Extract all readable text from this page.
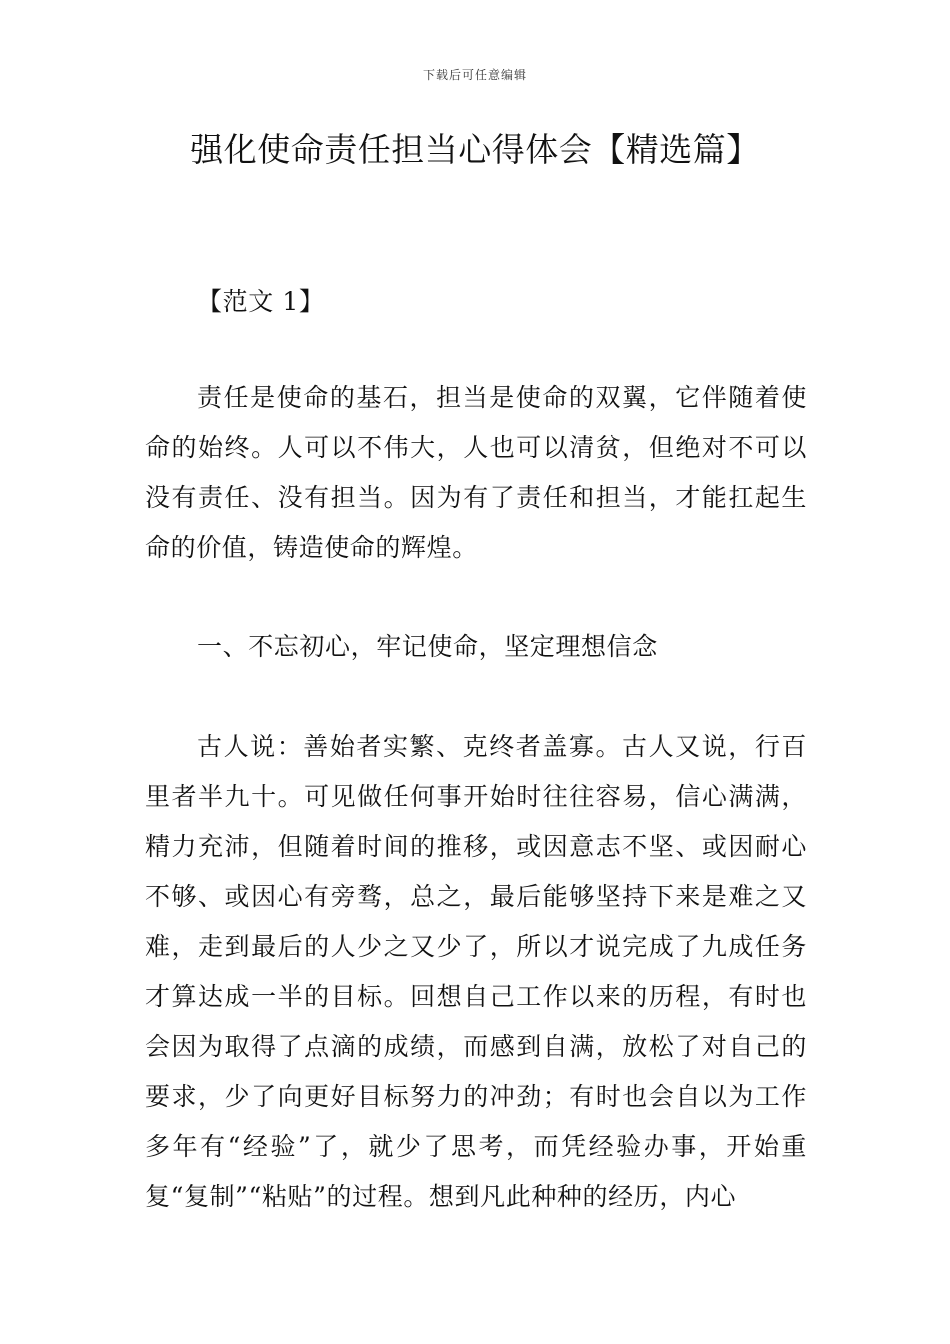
下载后可任意编辑
强化使命责任担当心得体会【精选篇】

【范文 1】

责任是使命的基石，担当是使命的双翼，它伴随着使命的始终。人可以不伟大，人也可以清贫，但绝对不可以没有责任、没有担当。因为有了责任和担当，才能扛起生命的价值，铸造使命的辉煌。

一、不忘初心，牢记使命，坚定理想信念

古人说：善始者实繁、克终者盖寡。古人又说，行百里者半九十。可见做任何事开始时往往容易，信心满满，精力充沛，但随着时间的推移，或因意志不坚、或因耐心不够、或因心有旁骛，总之，最后能够坚持下来是难之又难，走到最后的人少之又少了，所以才说完成了九成任务才算达成一半的目标。回想自己工作以来的历程，有时也会因为取得了点滴的成绩，而感到自满，放松了对自己的要求，少了向更好目标努力的冲劲；有时也会自以为工作多年有“经验”了，就少了思考，而凭经验办事，开始重复“复制”“粘贴”的过程。想到凡此种种的经历，内心
